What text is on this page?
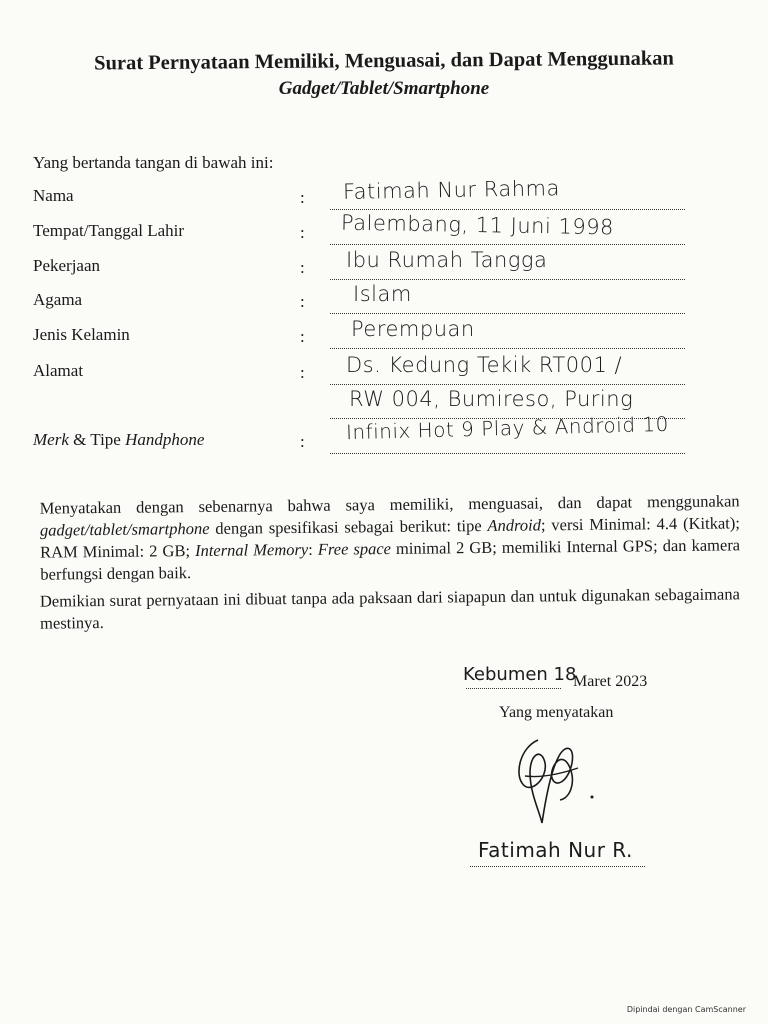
Surat Pernyataan Memiliki, Menguasai, dan Dapat Menggunakan
Gadget/Tablet/Smartphone
Yang bertanda tangan di bawah ini:
Nama	: Fatimah Nur Rahma
Tempat/Tanggal Lahir	: Palembang, 11 Juni 1998
Pekerjaan	: Ibu Rumah Tangga
Agama	: Islam
Jenis Kelamin	: Perempuan
Alamat	: Ds. Kedung Tekik RT001 /
RW 004, Bumireso, Puring
Merk & Tipe Handphone	: Infinix Hot 9 Play & Android 10
Menyatakan dengan sebenarnya bahwa saya memiliki, menguasai, dan dapat menggunakan gadget/tablet/smartphone dengan spesifikasi sebagai berikut: tipe Android; versi Minimal: 4.4 (Kitkat); RAM Minimal: 2 GB; Internal Memory: Free space minimal 2 GB; memiliki Internal GPS; dan kamera berfungsi dengan baik.
Demikian surat pernyataan ini dibuat tanpa ada paksaan dari siapapun dan untuk digunakan sebagaimana mestinya.
Kebumen 18
Maret 2023
Yang menyatakan
Fatimah Nur R.
Dipindai dengan CamScanner
